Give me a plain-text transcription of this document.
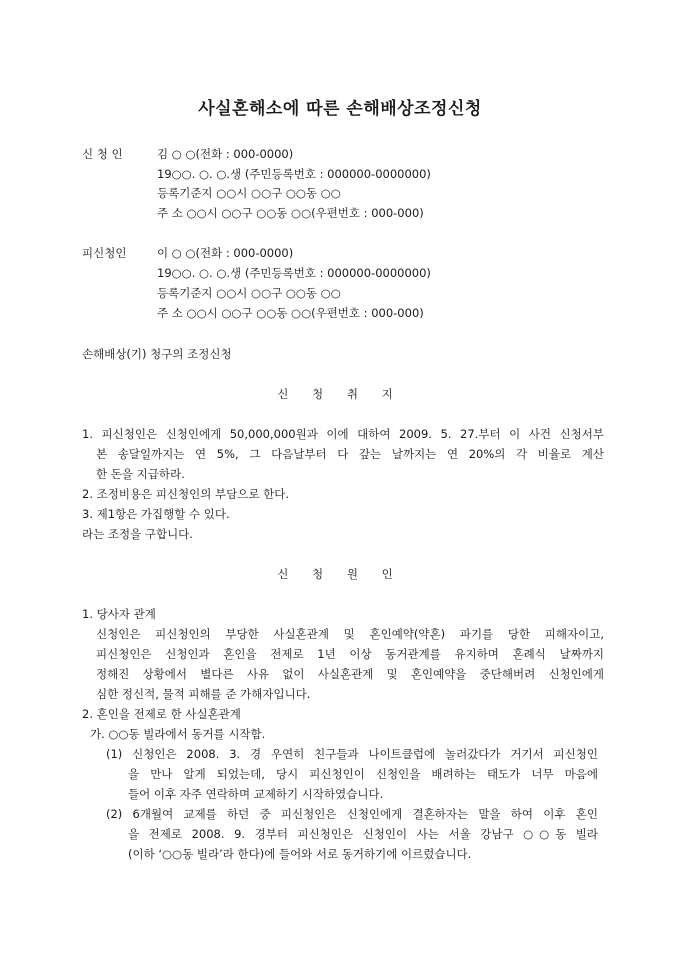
사실혼해소에 따른 손해배상조정신청
신 청 인	김 ○ ○(전화 : 000-0000)
19○○. ○. ○.생 (주민등록번호 : 000000-0000000)
등록기준지 ○○시 ○○구 ○○동 ○○
주 소 ○○시 ○○구 ○○동 ○○(우편번호 : 000-000)
피신청인	이 ○ ○(전화 : 000-0000)
19○○. ○. ○.생 (주민등록번호 : 000000-0000000)
등록기준지 ○○시 ○○구 ○○동 ○○
주 소 ○○시 ○○구 ○○동 ○○(우편번호 : 000-000)
손해배상(기) 청구의 조정신청
신 청 취 지
1. 피신청인은 신청인에게 50,000,000원과 이에 대하여 2009. 5. 27.부터 이 사건 신청서부
본 송달일까지는 연 5%, 그 다음날부터 다 갚는 날까지는 연 20%의 각 비율로 계산
한 돈을 지급하라.
2. 조정비용은 피신청인의 부담으로 한다.
3. 제1항은 가집행할 수 있다.
라는 조정을 구합니다.
신 청 원 인
1. 당사자 관계
신청인은 피신청인의 부당한 사실혼관계 및 혼인예약(약혼) 파기를 당한 피해자이고,
피신청인은 신청인과 혼인을 전제로 1년 이상 동거관계를 유지하며 혼례식 날짜까지
정해진 상황에서 별다른 사유 없이 사실혼관계 및 혼인예약을 중단해버려 신청인에게
심한 정신적, 물적 피해를 준 가해자입니다.
2. 혼인을 전제로 한 사실혼관계
가. ○○동 빌라에서 동거를 시작함.
(1) 신청인은 2008. 3. 경 우연히 친구들과 나이트클럽에 놀러갔다가 거기서 피신청인
을 만나 알게 되었는데, 당시 피신청인이 신청인을 배려하는 태도가 너무 마음에
들어 이후 자주 연락하며 교제하기 시작하였습니다.
(2) 6개월여 교제를 하던 중 피신청인은 신청인에게 결혼하자는 말을 하여 이후 혼인
을 전제로 2008. 9. 경부터 피신청인은 신청인이 사는 서울 강남구 ○○동 빌라
(이하 ‘○○동 빌라’라 한다)에 들어와 서로 동거하기에 이르렀습니다.
